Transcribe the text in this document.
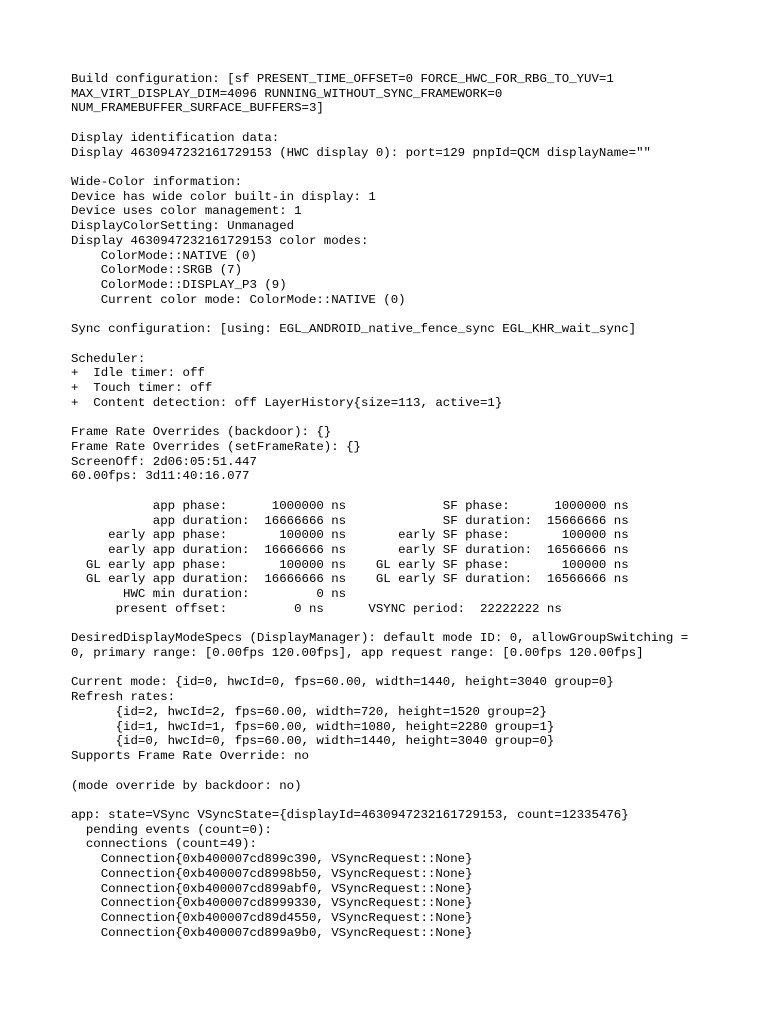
Build configuration: [sf PRESENT_TIME_OFFSET=0 FORCE_HWC_FOR_RBG_TO_YUV=1
MAX_VIRT_DISPLAY_DIM=4096 RUNNING_WITHOUT_SYNC_FRAMEWORK=0
NUM_FRAMEBUFFER_SURFACE_BUFFERS=3]
Display identification data:
Display 4630947232161729153 (HWC display 0): port=129 pnpId=QCM displayName=""
Wide-Color information:
Device has wide color built-in display: 1
Device uses color management: 1
DisplayColorSetting: Unmanaged
Display 4630947232161729153 color modes:
ColorMode::NATIVE (0)
ColorMode::SRGB (7)
ColorMode::DISPLAY_P3 (9)
Current color mode: ColorMode::NATIVE (0)
Sync configuration: [using: EGL_ANDROID_native_fence_sync EGL_KHR_wait_sync]
Scheduler:
+  Idle timer: off
+  Touch timer: off
+  Content detection: off LayerHistory{size=113, active=1}
Frame Rate Overrides (backdoor): {}
Frame Rate Overrides (setFrameRate): {}
ScreenOff: 2d06:05:51.447
60.00fps: 3d11:40:16.077
app phase:      1000000 ns             SF phase:      1000000 ns
app duration:  16666666 ns             SF duration:  15666666 ns
early app phase:       100000 ns       early SF phase:       100000 ns
early app duration:  16666666 ns       early SF duration:  16566666 ns
GL early app phase:       100000 ns    GL early SF phase:       100000 ns
GL early app duration:  16666666 ns    GL early SF duration:  16566666 ns
HWC min duration:         0 ns
present offset:         0 ns      VSYNC period:  22222222 ns
DesiredDisplayModeSpecs (DisplayManager): default mode ID: 0, allowGroupSwitching =
0, primary range: [0.00fps 120.00fps], app request range: [0.00fps 120.00fps]
Current mode: {id=0, hwcId=0, fps=60.00, width=1440, height=3040 group=0}
Refresh rates:
{id=2, hwcId=2, fps=60.00, width=720, height=1520 group=2}
{id=1, hwcId=1, fps=60.00, width=1080, height=2280 group=1}
{id=0, hwcId=0, fps=60.00, width=1440, height=3040 group=0}
Supports Frame Rate Override: no
(mode override by backdoor: no)
app: state=VSync VSyncState={displayId=4630947232161729153, count=12335476}
pending events (count=0):
connections (count=49):
Connection{0xb400007cd899c390, VSyncRequest::None}
Connection{0xb400007cd8998b50, VSyncRequest::None}
Connection{0xb400007cd899abf0, VSyncRequest::None}
Connection{0xb400007cd8999330, VSyncRequest::None}
Connection{0xb400007cd89d4550, VSyncRequest::None}
Connection{0xb400007cd899a9b0, VSyncRequest::None}
